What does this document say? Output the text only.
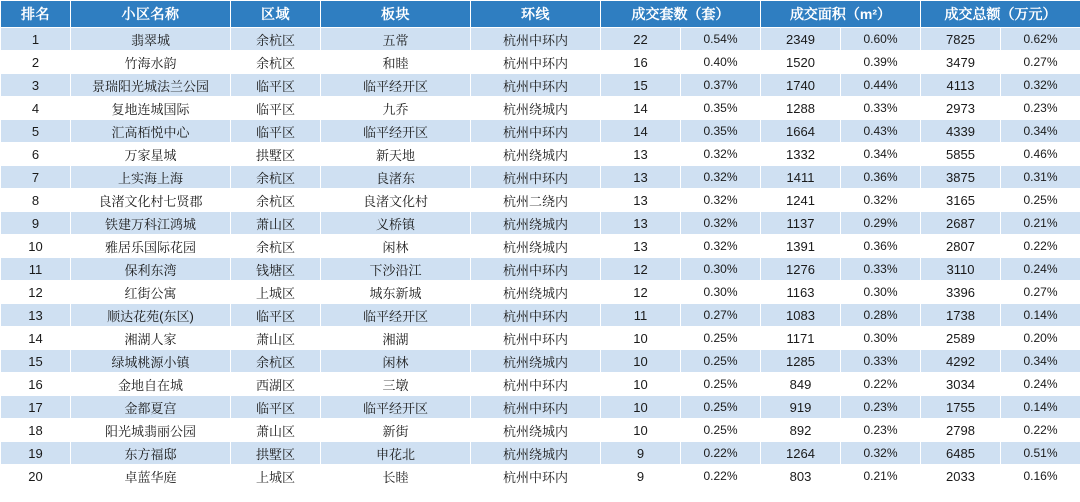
排名	小区名称	区域	板块	环线	成交套数（套）		成交面积（m²）		成交总额（万元）	
1	翡翠城	余杭区	五常	杭州中环内	22	0.54%	2349	0.60%	7825	0.62%
2	竹海水韵	余杭区	和睦	杭州中环内	16	0.40%	1520	0.39%	3479	0.27%
3	景瑞阳光城法兰公园	临平区	临平经开区	杭州中环内	15	0.37%	1740	0.44%	4113	0.32%
4	复地连城国际	临平区	九乔	杭州绕城内	14	0.35%	1288	0.33%	2973	0.23%
5	汇高栢悦中心	临平区	临平经开区	杭州中环内	14	0.35%	1664	0.43%	4339	0.34%
6	万家星城	拱墅区	新天地	杭州绕城内	13	0.32%	1332	0.34%	5855	0.46%
7	上实海上海	余杭区	良渚东	杭州中环内	13	0.32%	1411	0.36%	3875	0.31%
8	良渚文化村七贤郡	余杭区	良渚文化村	杭州二绕内	13	0.32%	1241	0.32%	3165	0.25%
9	铁建万科江鸿城	萧山区	义桥镇	杭州绕城内	13	0.32%	1137	0.29%	2687	0.21%
10	雅居乐国际花园	余杭区	闲林	杭州绕城内	13	0.32%	1391	0.36%	2807	0.22%
11	保利东湾	钱塘区	下沙沿江	杭州中环内	12	0.30%	1276	0.33%	3110	0.24%
12	红街公寓	上城区	城东新城	杭州绕城内	12	0.30%	1163	0.30%	3396	0.27%
13	顺达花苑(东区)	临平区	临平经开区	杭州中环内	11	0.27%	1083	0.28%	1738	0.14%
14	湘湖人家	萧山区	湘湖	杭州中环内	10	0.25%	1171	0.30%	2589	0.20%
15	绿城桃源小镇	余杭区	闲林	杭州绕城内	10	0.25%	1285	0.33%	4292	0.34%
16	金地自在城	西湖区	三墩	杭州中环内	10	0.25%	849	0.22%	3034	0.24%
17	金都夏宫	临平区	临平经开区	杭州中环内	10	0.25%	919	0.23%	1755	0.14%
18	阳光城翡丽公园	萧山区	新街	杭州绕城内	10	0.25%	892	0.23%	2798	0.22%
19	东方福邸	拱墅区	申花北	杭州绕城内	9	0.22%	1264	0.32%	6485	0.51%
20	卓蓝华庭	上城区	长睦	杭州中环内	9	0.22%	803	0.21%	2033	0.16%
